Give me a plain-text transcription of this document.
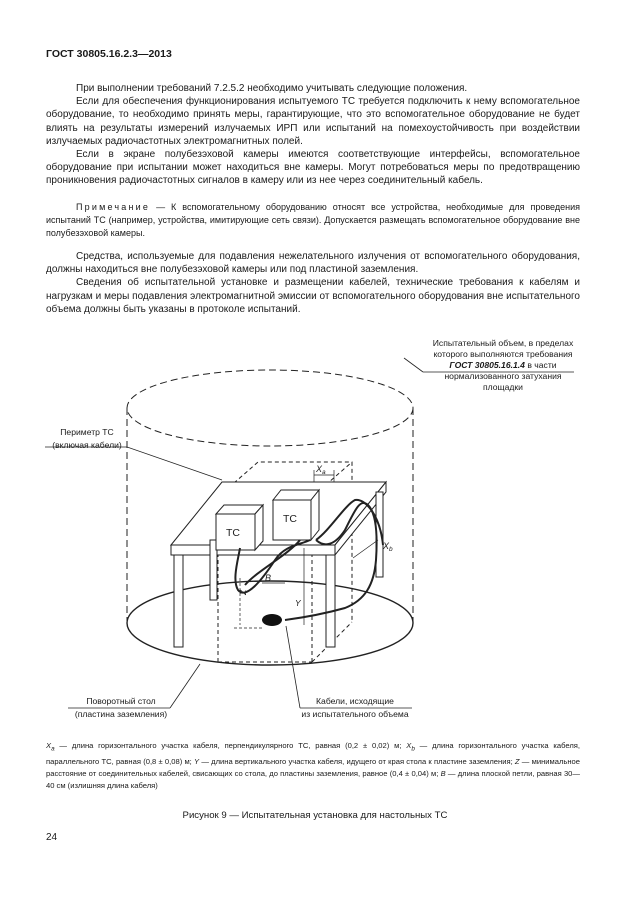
ГОСТ 30805.16.2.3—2013

При выполнении требований 7.2.5.2 необходимо учитывать следующие положения.

Если для обеспечения функционирования испытуемого ТС требуется подключить к нему вспомогательное оборудование, то необходимо принять меры, гарантирующие, что это вспомогательное оборудование не будет влиять на результаты измерений излучаемых ИРП или испытаний на помехоустойчивость при воздействии излучаемых радиочастотных электромагнитных полей.

Если в экране полубезэховой камеры имеются соответствующие интерфейсы, вспомогательное оборудование при испытании может находиться вне камеры. Могут потребоваться меры по предотвращению проникновения радиочастотных сигналов в камеру или из нее через соединительный кабель.

Примечание — К вспомогательному оборудованию относят все устройства, необходимые для проведения испытаний ТС (например, устройства, имитирующие сеть связи). Допускается размещать вспомогательное оборудование вне полубезэховой камеры.

Средства, используемые для подавления нежелательного излучения от вспомогательного оборудования, должны находиться вне полубезэховой камеры или под пластиной заземления.

Сведения об испытательной установке и размещении кабелей, технические требования к кабелям и нагрузкам и меры подавления электромагнитной эмиссии от вспомогательного оборудования вне испытательного объема должны быть указаны в протоколе испытаний.

ТС
ТС
$X_a$
$X_b$
B
Y
Z
Испытательный объем, в пределах
которого выполняются требования
ГОСТ 30805.16.1.4 в части
нормализованного затухания
площадки
Периметр ТС
(включая кабели)
Поворотный стол
(пластина заземления)
Кабели, исходящие
из испытательного объема
$X_a$ — длина горизонтального участка кабеля, перпендикулярного ТС, равная (0,2 ± 0,02) м; $X_b$ — длина горизонтального участка кабеля, параллельного ТС, равная (0,8 ± 0,08) м; Y — длина вертикального участка кабеля, идущего от края стола к пластине заземления; Z — минимальное расстояние от соединительных кабелей, свисающих со стола, до пластины заземления, равное (0,4 ± 0,04) м; B — длина плоской петли, равная 30—40 см (излишняя длина кабеля)
Рисунок 9 — Испытательная установка для настольных ТС
24
